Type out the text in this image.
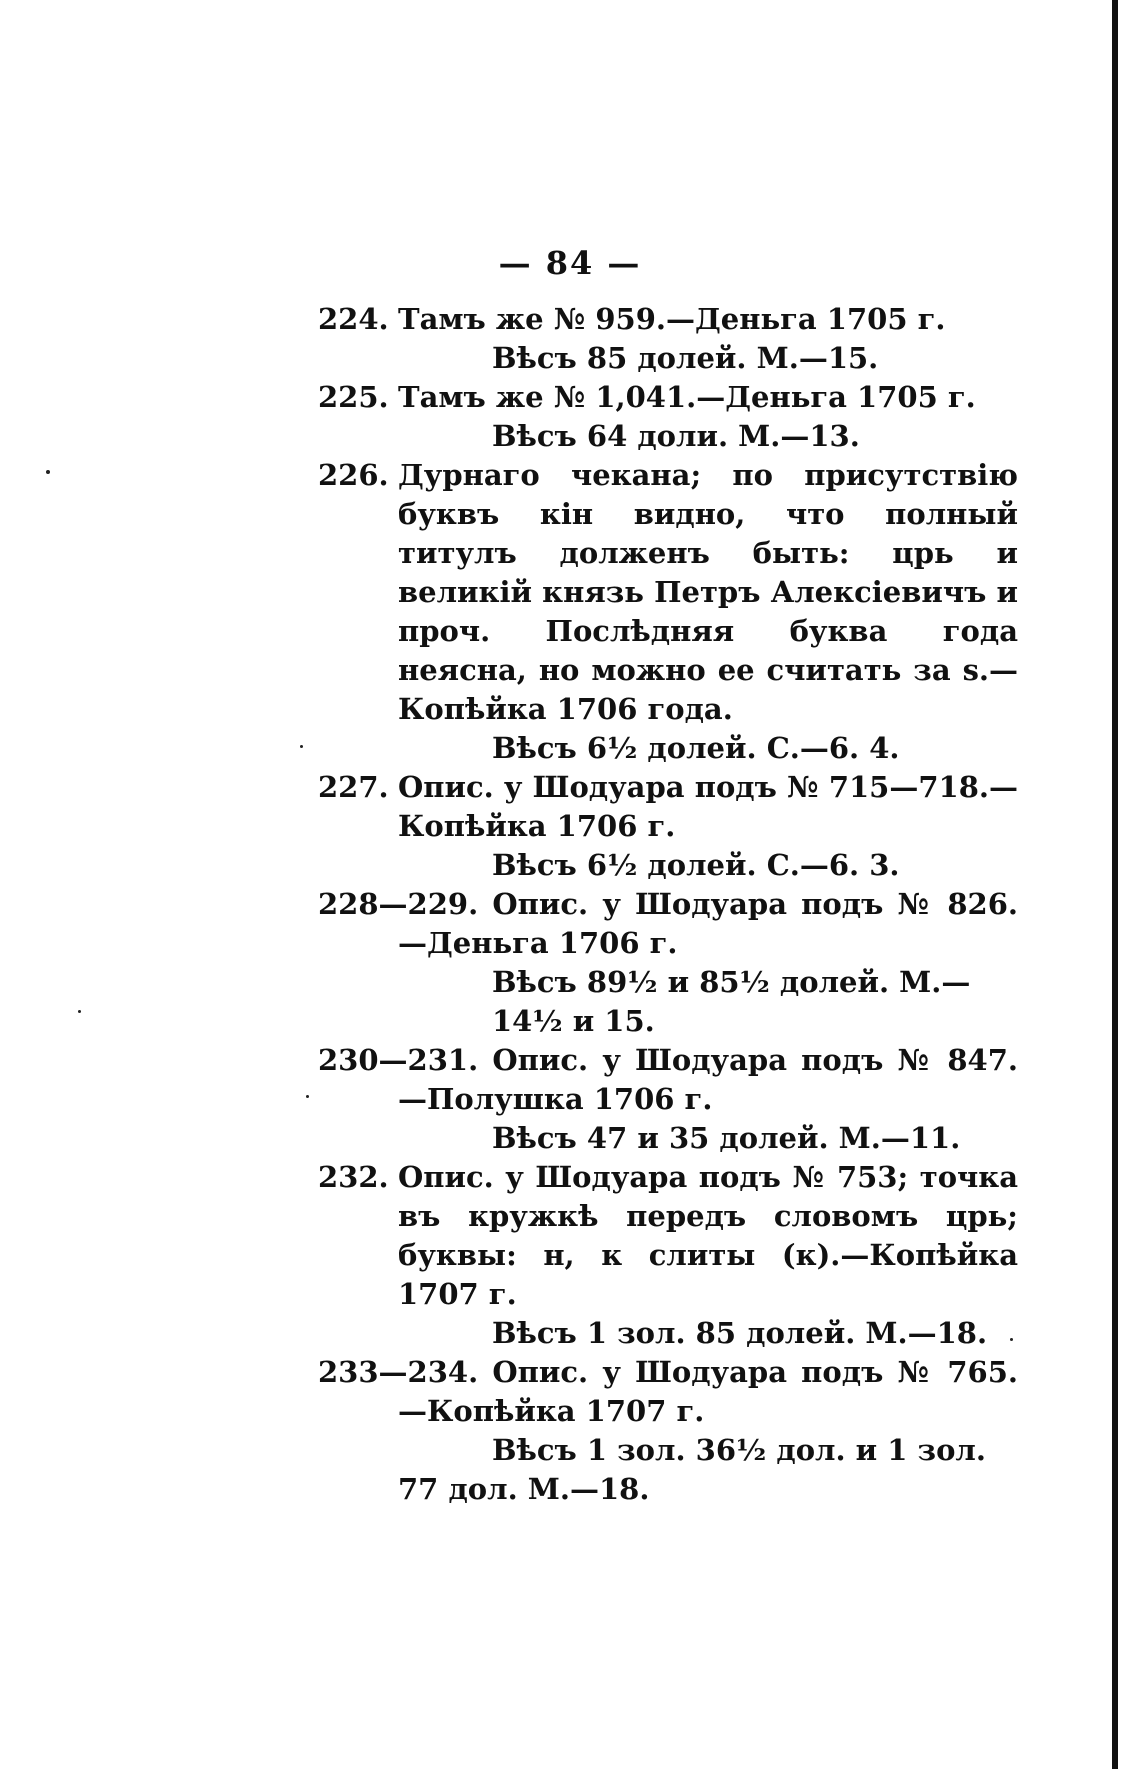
— 84 —
224. Тамъ же № 959.—Деньга 1705 г.
Вѣсъ 85 долей. М.—15.
225. Тамъ же № 1,041.—Деньга 1705 г.
Вѣсъ 64 доли. М.—13.
226. Дурнаго чекана; по присутствію буквъ кін видно, что полный титулъ долженъ быть: црь и великій князь Петръ Алексіевичъ и проч. Послѣдняя буква года неясна, но можно ее считать за ѕ.—Копѣйка 1706 года.
Вѣсъ 6½ долей. С.—6. 4.
227. Опис. у Шодуара подъ № 715—718.—Копѣйка 1706 г.
Вѣсъ 6½ долей. С.—6. 3.
228—229. Опис. у Шодуара подъ № 826.—Деньга 1706 г.
Вѣсъ 89½ и 85½ долей. М.—14½ и 15.
230—231. Опис. у Шодуара подъ № 847.—Полушка 1706 г.
Вѣсъ 47 и 35 долей. М.—11.
232. Опис. у Шодуара подъ № 753; точка въ кружкѣ передъ словомъ црь; буквы: н, к слиты (к).—Копѣйка 1707 г.
Вѣсъ 1 зол. 85 долей. М.—18.
233—234. Опис. у Шодуара подъ № 765.—Копѣйка 1707 г.
Вѣсъ 1 зол. 36½ дол. и 1 зол. 77 дол. М.—18.
